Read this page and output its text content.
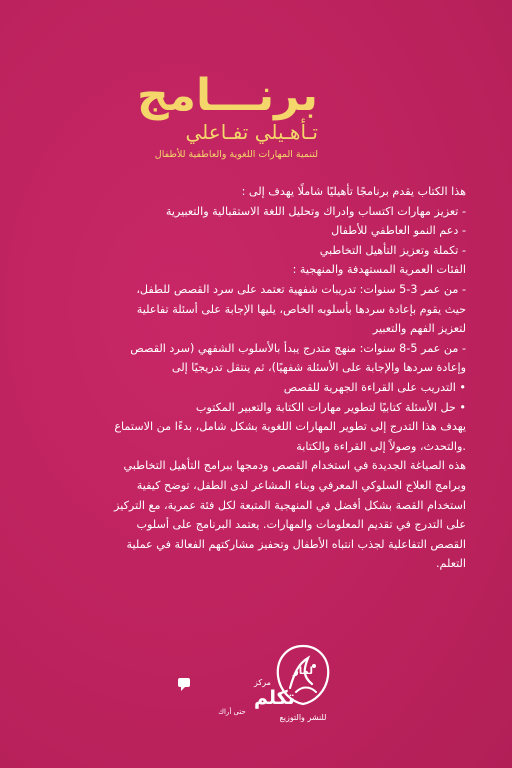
برنـــامج
تـأهـيلي تفـاعلي
لتنمية المهارات اللغوية والعاطفية للأطفال

هذا الكتاب يقدم برنامجًا تأهيليًا شاملًا يهدف إلى :

- تعزيز مهارات اكتساب وادراك وتحليل اللغة الاستقبالية والتعبيرية

- دعم النمو العاطفي للأطفال

- تكملة وتعزيز التأهيل التخاطبي

الفئات العمرية المستهدفة والمنهجية :

- من عمر 3-5 سنوات: تدريبات شفهية تعتمد على سرد القصص للطفل،

حيث يقوم بإعادة سردها بأسلوبه الخاص، يليها الإجابة على أسئلة تفاعلية

لتعزيز الفهم والتعبير

- من عمر 5-8 سنوات: منهج متدرج يبدأ بالأسلوب الشفهي (سرد القصص

وإعادة سردها والإجابة على الأسئلة شفهيًا)، ثم ينتقل تدريجيًا إلى

• التدريب على القراءة الجهرية للقصص

• حل الأسئلة كتابيًا لتطوير مهارات الكتابة والتعبير المكتوب

يهدف هذا التدرج إلى تطوير المهارات اللغوية بشكل شامل، بدءًا من الاستماع

.والتحدث، وصولاً إلى القراءة والكتابة

هذه الصياغة الجديدة في استخدام القصص ودمجها ببرامج التأهيل التخاطبي

وبرامج العلاج السلوكي المعرفي وبناء المشاعر لدى الطفل، توضح كيفية

استخدام القصة بشكل أفضل في المنهجية المتبعة لكل فئة عمرية، مع التركيز

على التدرج في تقديم المعلومات والمهارات. يعتمد البرنامج على أسلوب

القصص التفاعلية لجذب انتباه الأطفال وتحفيز مشاركتهم الفعالة في عملية

التعلم.

لمار
للنشر والتوزيع
مركز
تكلم
حتى أراك
